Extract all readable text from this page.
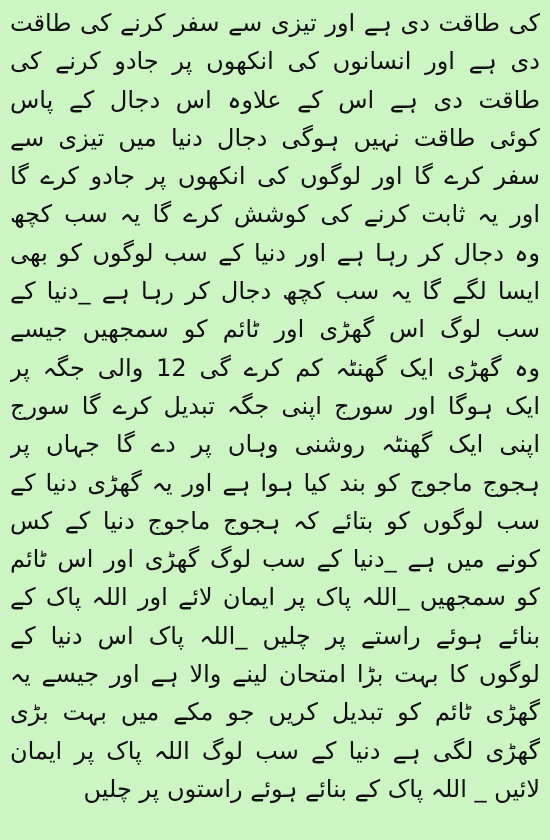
کی طاقت دی ہے اور تیزی سے سفر کرنے کی طاقت
دی ہے اور انسانوں کی انکھوں پر جادو کرنے کی
طاقت دی ہے اس کے علاوہ اس دجال کے پاس
کوئی طاقت نہیں ہوگی دجال دنیا میں تیزی سے
سفر کرے گا اور لوگوں کی انکھوں پر جادو کرے گا
اور یہ ثابت کرنے کی کوشش کرے گا یہ سب کچھ
وہ دجال کر رہا ہے اور دنیا کے سب لوگوں کو بھی
ایسا لگے گا یہ سب کچھ دجال کر رہا ہے _دنیا کے
سب لوگ اس گھڑی اور ٹائم کو سمجھیں جیسے
وہ گھڑی ایک گھنٹہ کم کرے گی 12 والی جگہ پر
ایک ہوگا اور سورج اپنی جگہ تبدیل کرے گا سورج
اپنی ایک گھنٹہ روشنی وہاں پر دے گا جہاں پر
ہجوج ماجوج کو بند کیا ہوا ہے اور یہ گھڑی دنیا کے
سب لوگوں کو بتائے کہ ہجوج ماجوج دنیا کے کس
کونے میں ہے _دنیا کے سب لوگ گھڑی اور اس ٹائم
کو سمجھیں _اللہ پاک پر ایمان لائے اور اللہ پاک کے
بنائے ہوئے راستے پر چلیں _اللہ پاک اس دنیا کے
لوگوں کا بہت بڑا امتحان لینے والا ہے اور جیسے یہ
گھڑی ٹائم کو تبدیل کریں جو مکے میں بہت بڑی
گھڑی لگی ہے دنیا کے سب لوگ اللہ پاک پر ایمان
لائیں _ اللہ پاک کے بنائے ہوئے راستوں پر چلیں
